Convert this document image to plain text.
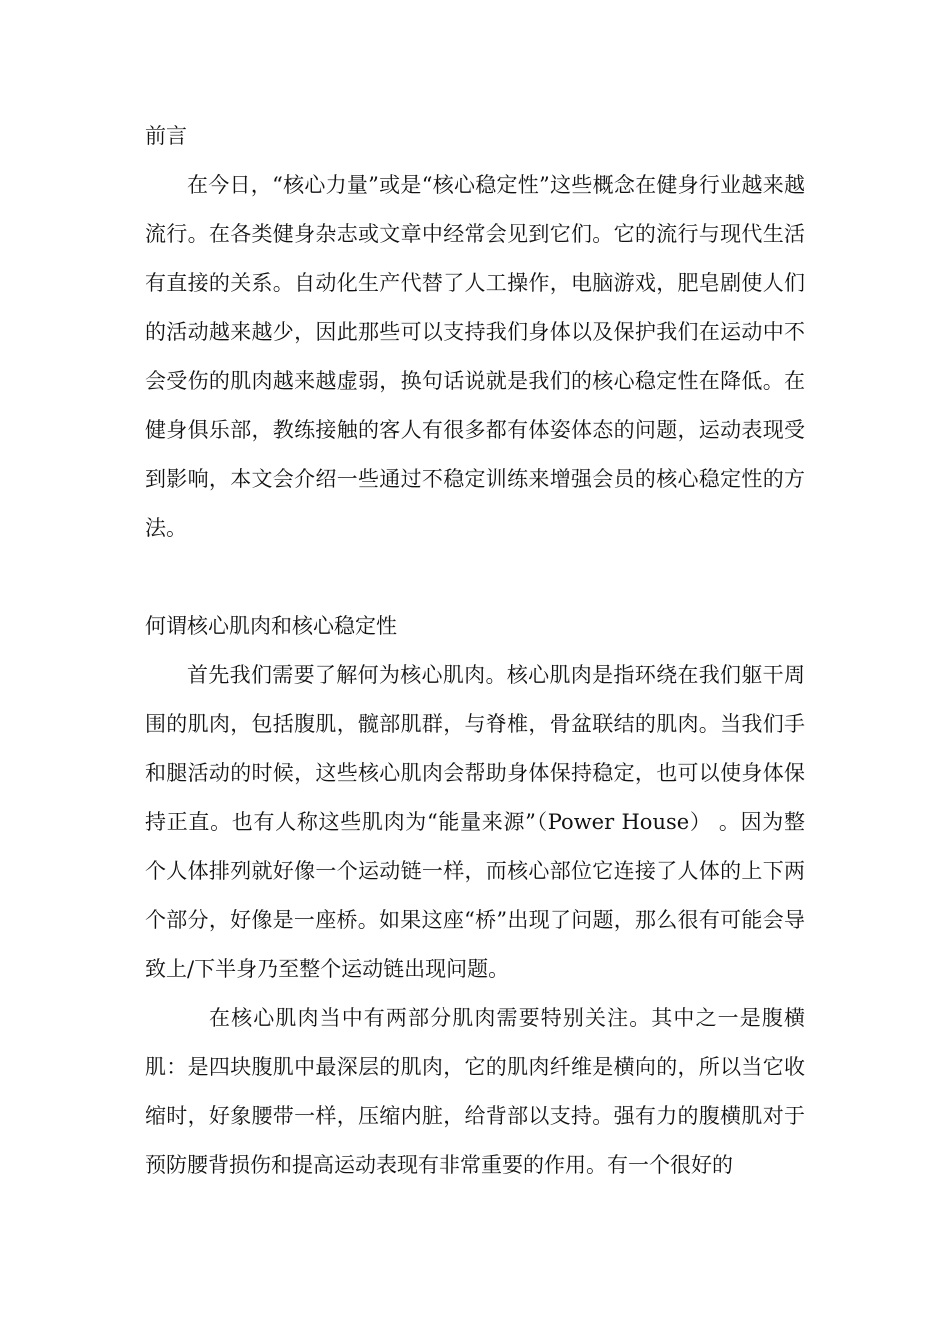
前言

在今日，“核心力量”或是“核心稳定性”这些概念在健身行业越来越流行。在各类健身杂志或文章中经常会见到它们。它的流行与现代生活有直接的关系。自动化生产代替了人工操作，电脑游戏，肥皂剧使人们的活动越来越少，因此那些可以支持我们身体以及保护我们在运动中不会受伤的肌肉越来越虚弱，换句话说就是我们的核心稳定性在降低。在健身俱乐部，教练接触的客人有很多都有体姿体态的问题，运动表现受到影响，本文会介绍一些通过不稳定训练来增强会员的核心稳定性的方法。

何谓核心肌肉和核心稳定性

首先我们需要了解何为核心肌肉。核心肌肉是指环绕在我们躯干周围的肌肉，包括腹肌，髋部肌群，与脊椎，骨盆联结的肌肉。当我们手和腿活动的时候，这些核心肌肉会帮助身体保持稳定，也可以使身体保持正直。也有人称这些肌肉为“能量来源”（Power House） 。因为整个人体排列就好像一个运动链一样，而核心部位它连接了人体的上下两个部分，好像是一座桥。如果这座“桥”出现了问题，那么很有可能会导致上/下半身乃至整个运动链出现问题。

在核心肌肉当中有两部分肌肉需要特别关注。其中之一是腹横肌：是四块腹肌中最深层的肌肉，它的肌肉纤维是横向的，所以当它收缩时，好象腰带一样，压缩内脏，给背部以支持。强有力的腹横肌对于预防腰背损伤和提高运动表现有非常重要的作用。有一个很好的
